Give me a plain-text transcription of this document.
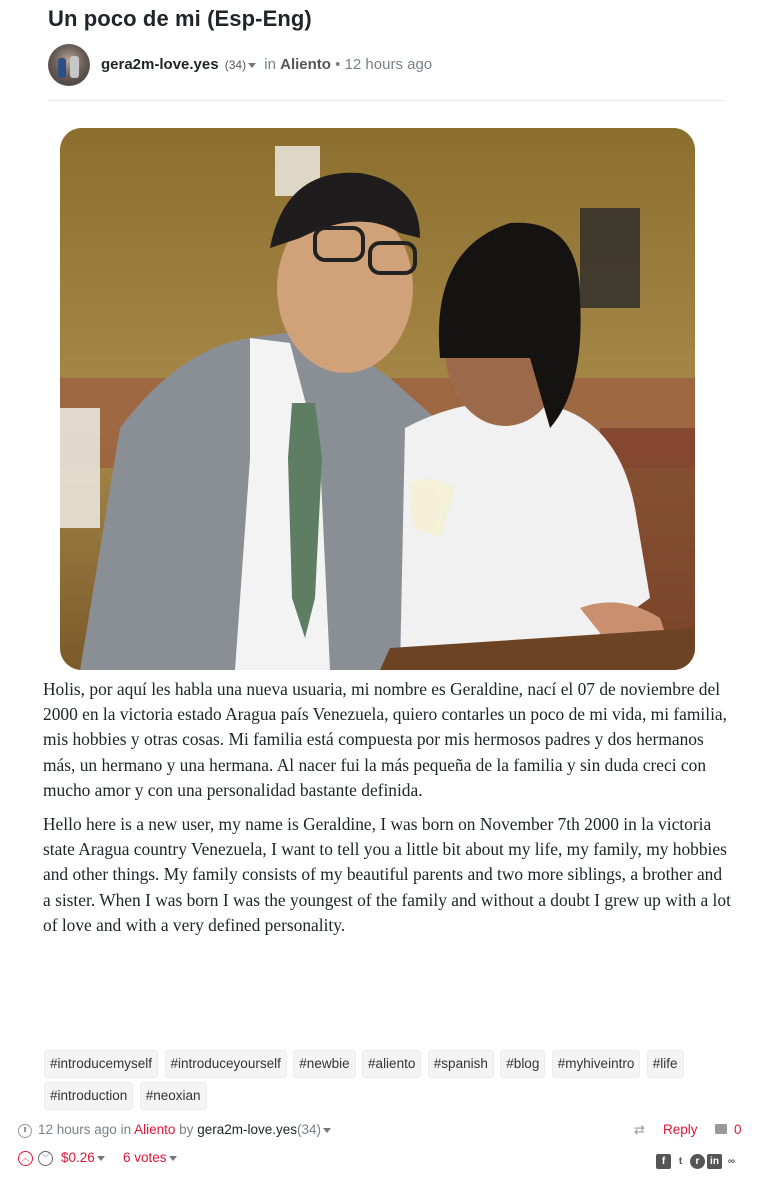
Un poco de mi (Esp-Eng)
gera2m-love.yes (34) in Aliento • 12 hours ago

Holis, por aquí les habla una nueva usuaria, mi nombre es Geraldine, nací el 07 de noviembre del 2000 en la victoria estado Aragua país Venezuela, quiero contarles un poco de mi vida, mi familia, mis hobbies y otras cosas. Mi familia está compuesta por mis hermosos padres y dos hermanos más, un hermano y una hermana. Al nacer fui la más pequeña de la familia y sin duda creci con mucho amor y con una personalidad bastante definida.

Hello here is a new user, my name is Geraldine, I was born on November 7th 2000 in la victoria state Aragua country Venezuela, I want to tell you a little bit about my life, my family, my hobbies and other things. My family consists of my beautiful parents and two more siblings, a brother and a sister. When I was born I was the youngest of the family and without a doubt I grew up with a lot of love and with a very defined personality.

#introducemyself #introduceyourself #newbie #aliento #spanish #blog #myhiveintro #life
#introduction #neoxian
12 hours ago in Aliento by gera2m-love.yes(34)	⇄ Reply	0
︿	﹀ $0.26	6 votes	f t r in ∞
